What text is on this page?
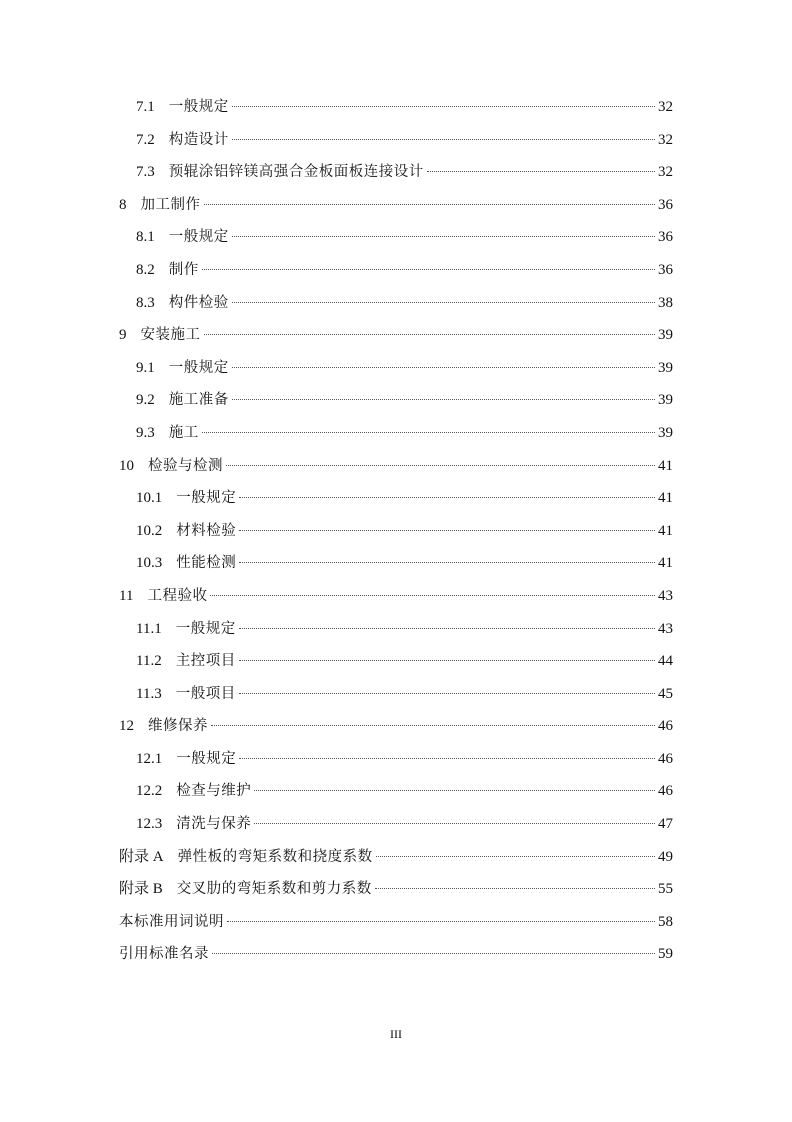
7.1 一般规定	32
7.2 构造设计	32
7.3 预辊涂铝锌镁高强合金板面板连接设计	32
8 加工制作	36
8.1 一般规定	36
8.2 制作	36
8.3 构件检验	38
9 安装施工	39
9.1 一般规定	39
9.2 施工准备	39
9.3 施工	39
10 检验与检测	41
10.1 一般规定	41
10.2 材料检验	41
10.3 性能检测	41
11 工程验收	43
11.1 一般规定	43
11.2 主控项目	44
11.3 一般项目	45
12 维修保养	46
12.1 一般规定	46
12.2 检查与维护	46
12.3 清洗与保养	47
附录 A 弹性板的弯矩系数和挠度系数	49
附录 B 交叉肋的弯矩系数和剪力系数	55
本标准用词说明	58
引用标准名录	59
III
